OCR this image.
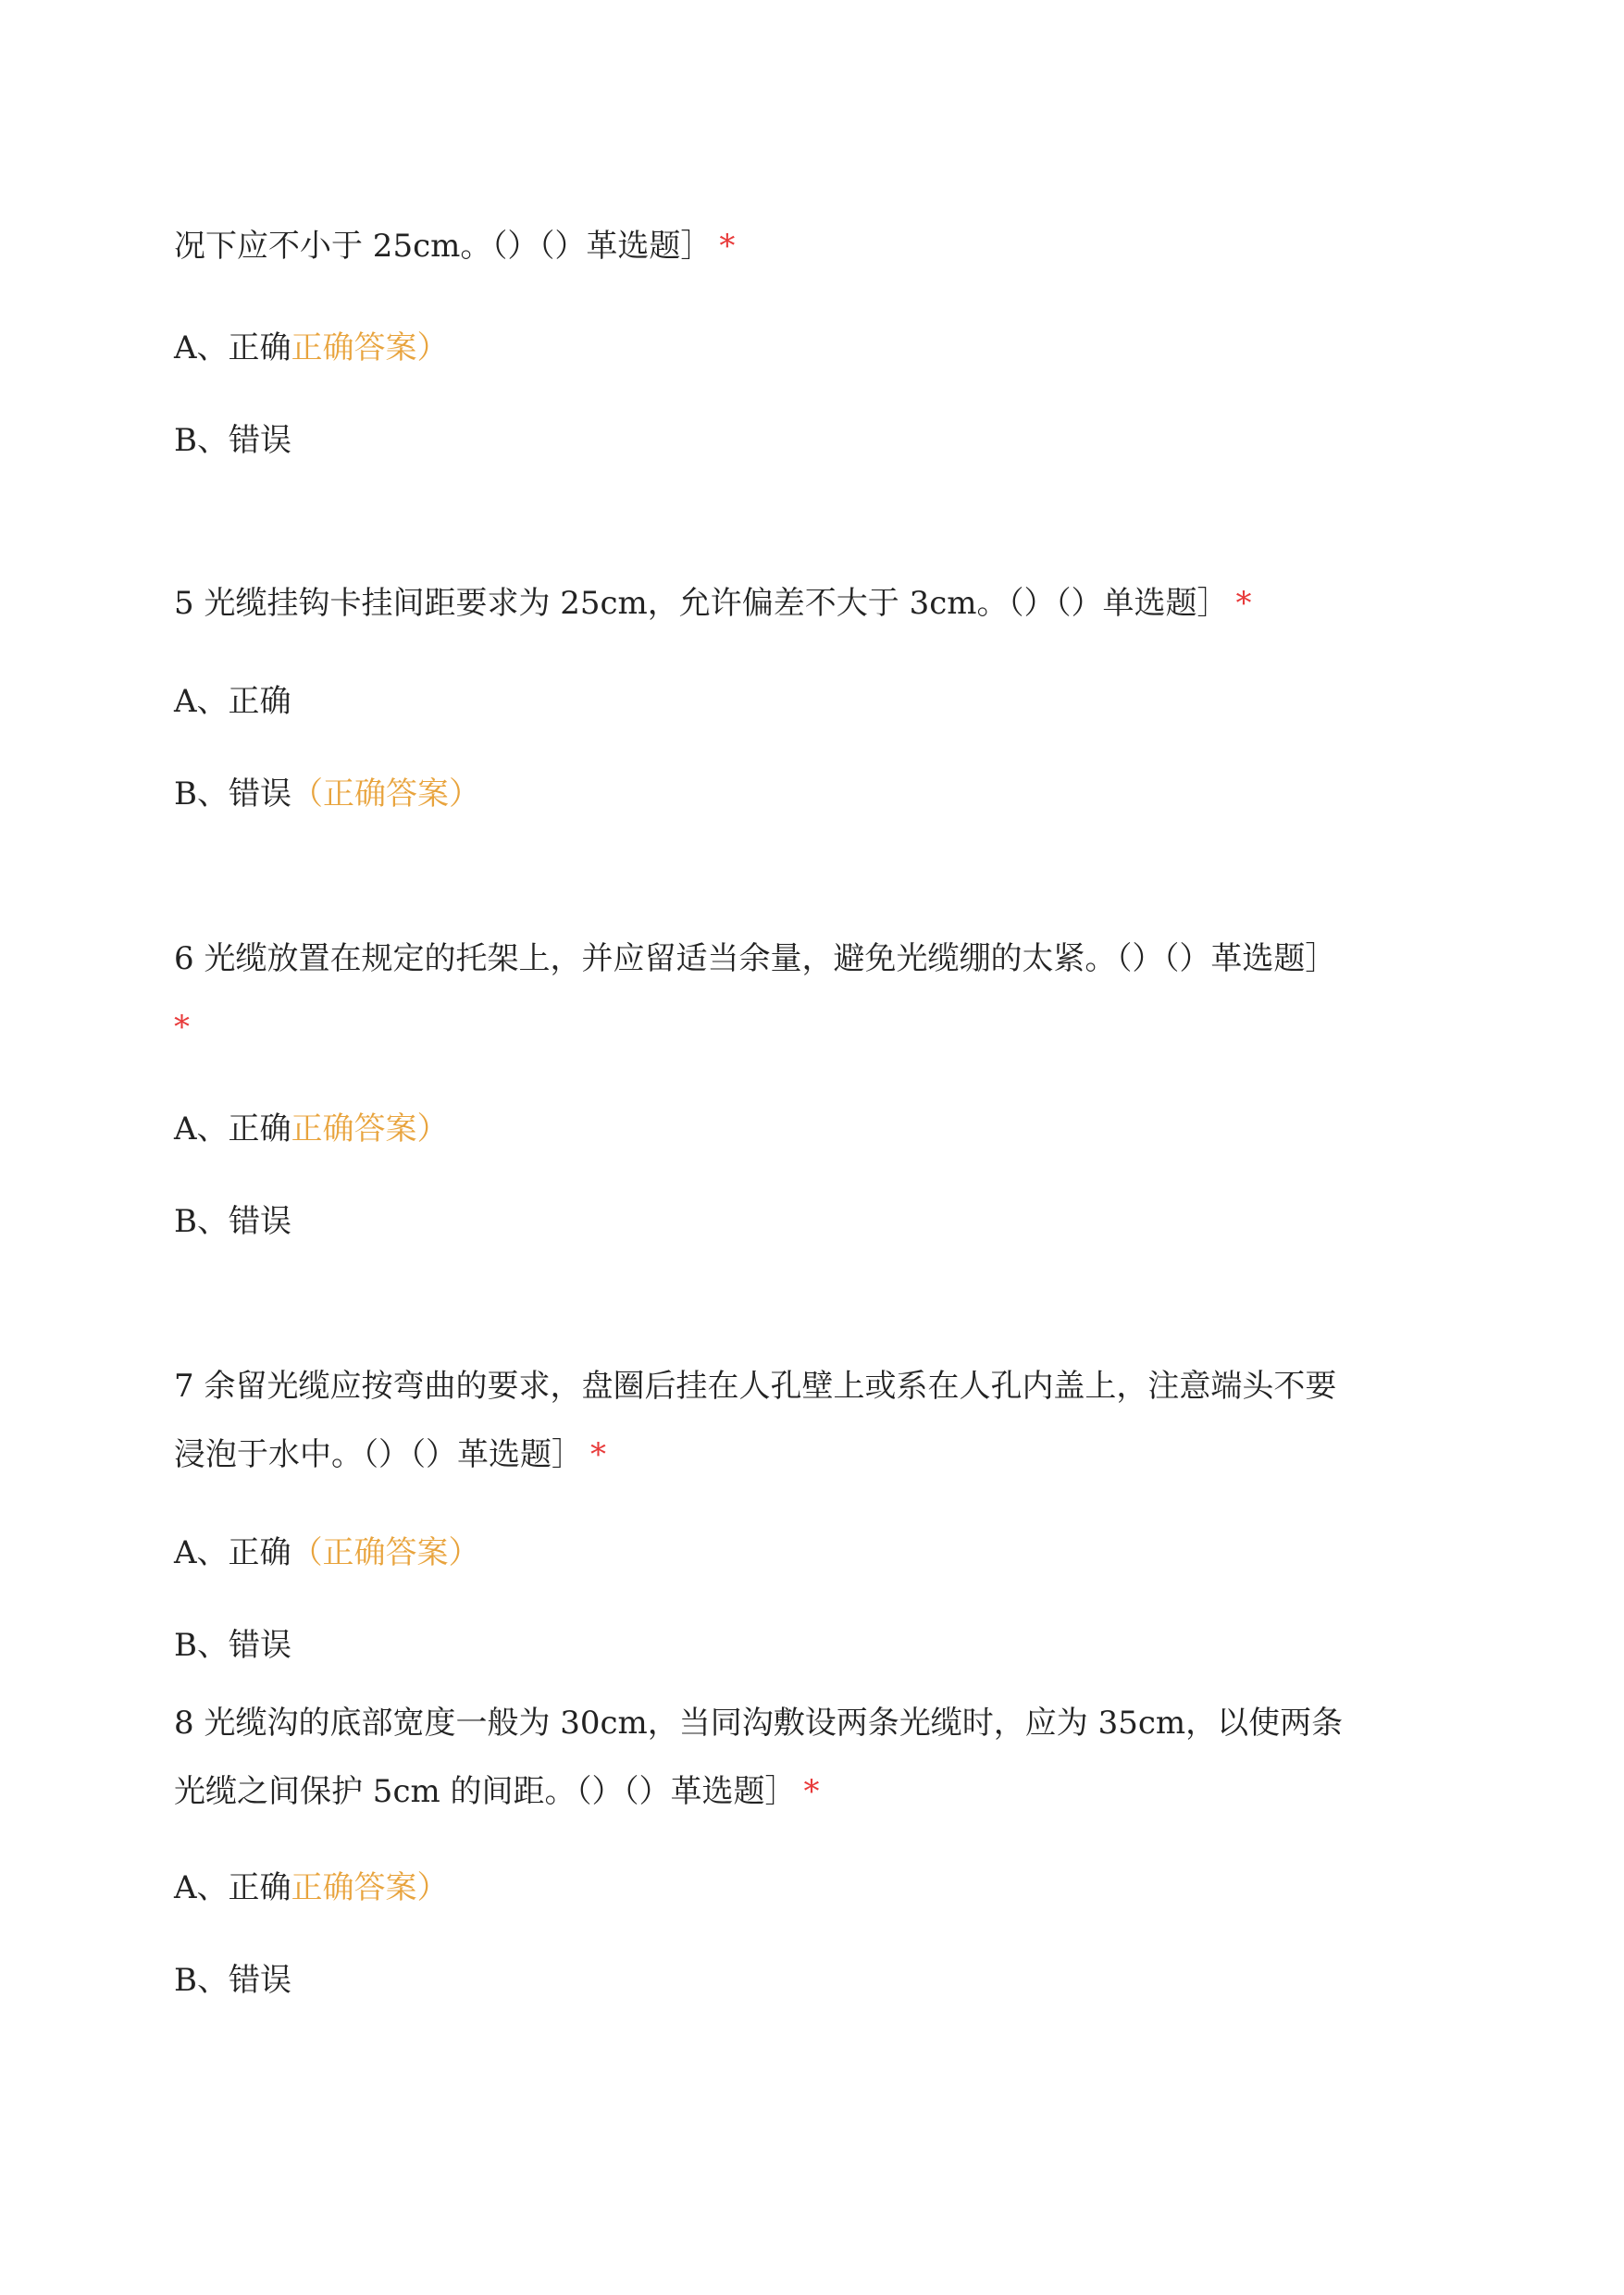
况下应不小于 25cm。（）（）革选题］ *
A、正确正确答案）
B、错误
5 光缆挂钩卡挂间距要求为 25cm，允许偏差不大于 3cm。（）（）单选题］ *
A、正确
B、错误（正确答案）
6 光缆放置在规定的托架上，并应留适当余量，避免光缆绷的太紧。（）（）革选题］
*
A、正确正确答案）
B、错误
7 余留光缆应按弯曲的要求，盘圈后挂在人孔壁上或系在人孔内盖上，注意端头不要
浸泡于水中。（）（）革选题］ *
A、正确（正确答案）
B、错误
8 光缆沟的底部宽度一般为 30cm，当同沟敷设两条光缆时，应为 35cm，以使两条
光缆之间保护 5cm 的间距。（）（）革选题］ *
A、正确正确答案）
B、错误
